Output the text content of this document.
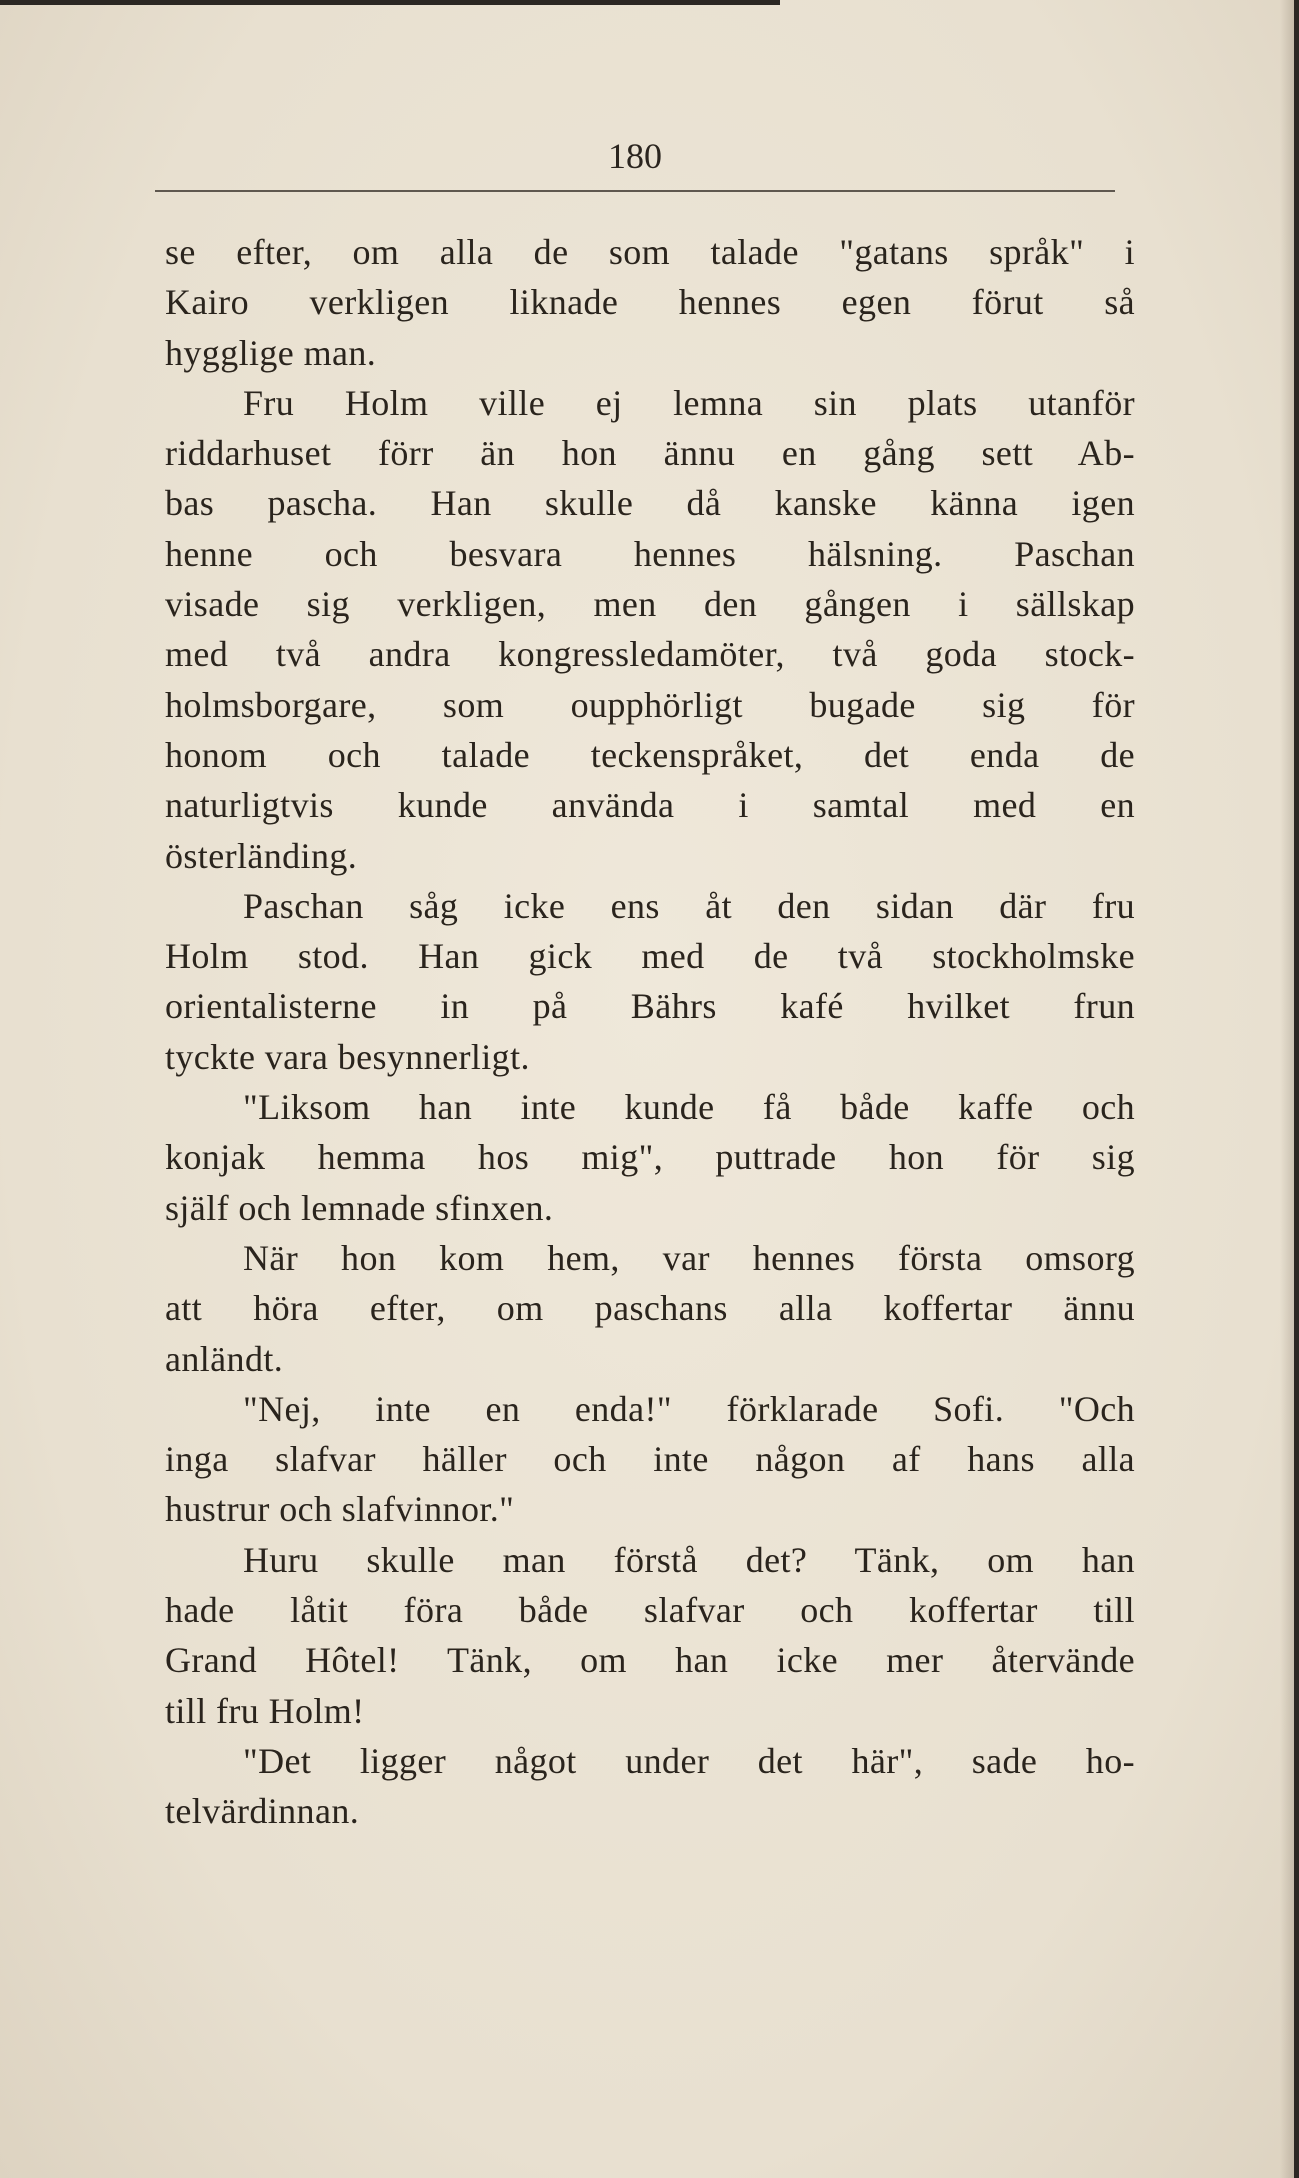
180
se efter, om alla de som talade "gatans språk" i
Kairo verkligen liknade hennes egen förut så
hygglige man.
Fru Holm ville ej lemna sin plats utanför
riddarhuset förr än hon ännu en gång sett Ab-
bas pascha. Han skulle då kanske känna igen
henne och besvara hennes hälsning. Paschan
visade sig verkligen, men den gången i sällskap
med två andra kongressledamöter, två goda stock-
holmsborgare, som oupphörligt bugade sig för
honom och talade teckenspråket, det enda de
naturligtvis kunde använda i samtal med en
österländing.
Paschan såg icke ens åt den sidan där fru
Holm stod. Han gick med de två stockholmske
orientalisterne in på Bährs kafé hvilket frun
tyckte vara besynnerligt.
"Liksom han inte kunde få både kaffe och
konjak hemma hos mig", puttrade hon för sig
själf och lemnade sfinxen.
När hon kom hem, var hennes första omsorg
att höra efter, om paschans alla koffertar ännu
anländt.
"Nej, inte en enda!" förklarade Sofi. "Och
inga slafvar häller och inte någon af hans alla
hustrur och slafvinnor."
Huru skulle man förstå det? Tänk, om han
hade låtit föra både slafvar och koffertar till
Grand Hôtel! Tänk, om han icke mer återvände
till fru Holm!
"Det ligger något under det här", sade ho-
telvärdinnan.
